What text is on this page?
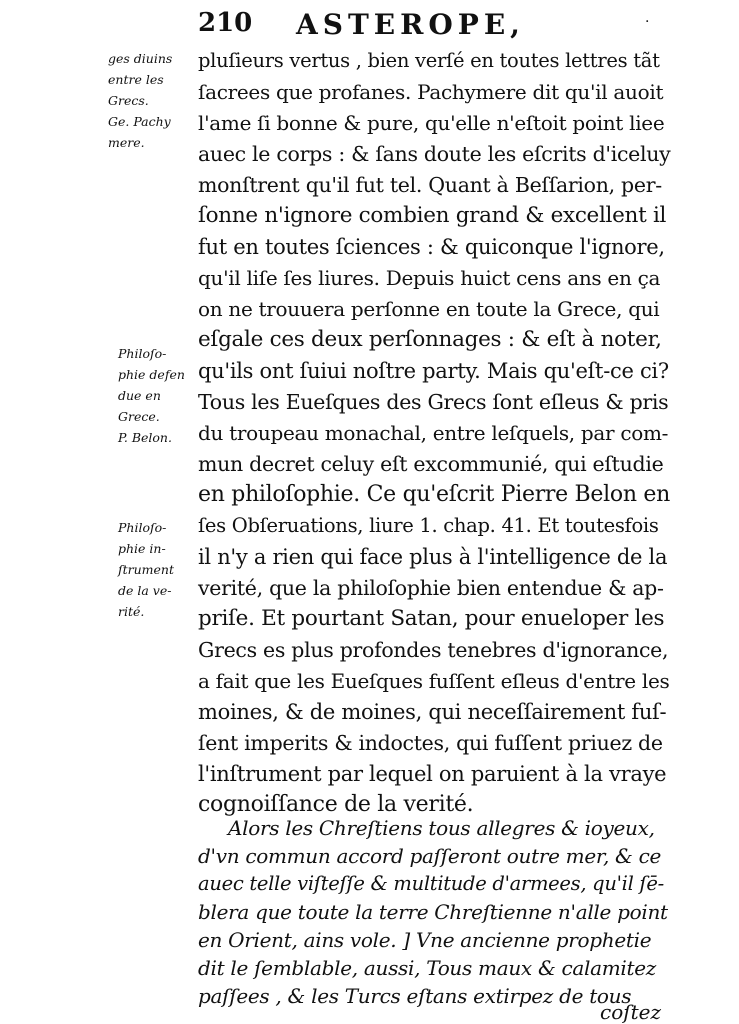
210 ASTEROPE,	·
ges diuins
entre les
Grecs.
Ge. Pachy
mere.
Philoſo-
phie defen
due en
Grece.
P. Belon.
Philoſo-
phie in-
ſtrument
de la ve-
rité.
pluſieurs vertus , bien verſé en toutes lettres tãt
ſacrees que profanes. Pachymere dit qu'il auoit
l'ame ſi bonne & pure, qu'elle n'eſtoit point liee
auec le corps : & ſans doute les eſcrits d'iceluy
monſtrent qu'il fut tel. Quant à Beſſarion, per-
ſonne n'ignore combien grand & excellent il
fut en toutes ſciences : & quiconque l'ignore,
qu'il liſe ſes liures. Depuis huict cens ans en ça
on ne trouuera perſonne en toute la Grece, qui
eſgale ces deux perſonnages : & eſt à noter,
qu'ils ont ſuiui noſtre party. Mais qu'eſt-ce ci?
Tous les Eueſques des Grecs ſont eſleus & pris
du troupeau monachal, entre leſquels, par com-
mun decret celuy eſt excommunié, qui eſtudie
en philoſophie. Ce qu'eſcrit Pierre Belon en
ſes Obſeruations, liure 1. chap. 41. Et toutesfois
il n'y a rien qui face plus à l'intelligence de la
verité, que la philoſophie bien entendue & ap-
priſe. Et pourtant Satan, pour enueloper les
Grecs es plus profondes tenebres d'ignorance,
a fait que les Eueſques fuſſent eſleus d'entre les
moines, & de moines, qui neceſſairement fuſ-
ſent imperits & indoctes, qui fuſſent priuez de
l'inſtrument par lequel on paruient à la vraye
cognoiſſance de la verité.
Alors les Chreſtiens tous allegres & ioyeux,
d'vn commun accord paſſeront outre mer, & ce
auec telle viſteſſe & multitude d'armees, qu'il ſē-
blera que toute la terre Chreſtienne n'alle point
en Orient, ains vole. ] Vne ancienne prophetie
dit le ſemblable, aussi, Tous maux & calamitez
paſſees , & les Turcs eſtans extirpez de tous
coſtez
